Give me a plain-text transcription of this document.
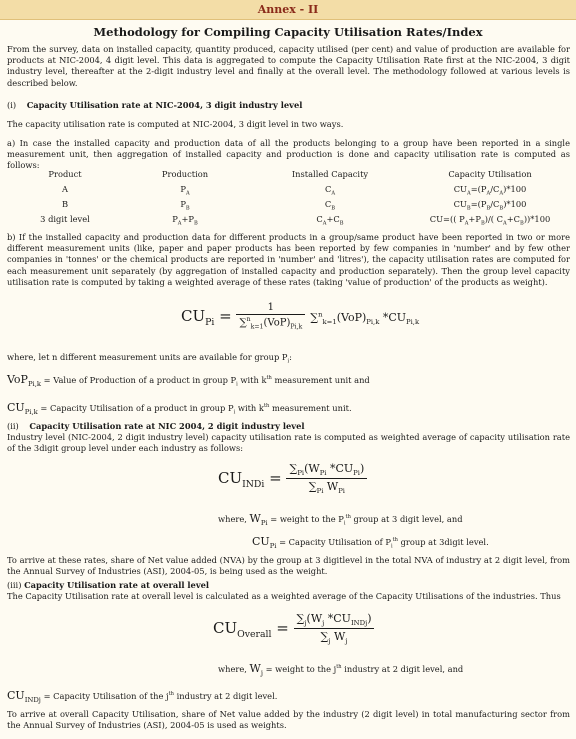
Annex - II
Methodology for Compiling Capacity Utilisation Rates/Index
From the survey, data on installed capacity, quantity produced, capacity utilised (per cent) and value of production are available for products at NIC-2004, 4 digit level. This data is aggregated to compute the Capacity Utilisation Rate first at the NIC-2004, 3 digit industry level, thereafter at the 2-digit industry level and finally at the overall level. The methodology followed at various levels is described below.
(i) Capacity Utilisation rate at NIC-2004, 3 digit industry level
The capacity utilisation rate is computed at NIC-2004, 3 digit level in two ways.
a) In case the installed capacity and production data of all the products belonging to a group have been reported in a single measurement unit, then aggregation of installed capacity and production is done and capacity utilisation rate is computed as follows:
Product	Production	Installed Capacity	Capacity Utilisation
A	$P_A$	$C_A$	$CU_A=(P_A/C_A)*100$
B	$P_B$	$C_B$	$CU_B=(P_B/C_B)*100$
3 digit level	$P_A+P_B$	$C_A+C_B$	CU=(( $P_A+P_B)/$( $C_A+C_B))*100$
b) If the installed capacity and production data for different products in a group/same product have been reported in two or more different measurement units (like, paper and paper products has been reported by few companies in 'number' and by few other companies in 'tonnes' or the chemical products are reported in 'number' and 'litres'), the capacity utilisation rates are computed for each measurement unit separately (by aggregation of installed capacity and production separately). Then the group level capacity utilisation rate is computed by taking a weighted average of these rates (taking 'value of production' of the products as weight).
$CU_{Pi} = \frac{1}{\sum^n_{k=1}(VoP)_{Pi,k}} \sum^n_{k=1}(VoP)_{Pi,k}$ $*CU_{Pi,k}$
where, let n different measurement units are available for group $P_i$:
VoP$_{Pi,k}$ = Value of Production of a product in group $P_i$ with $k^{th}$ measurement unit and
$CU_{Pi,k}$ = Capacity Utilisation of a product in group $P_i$ with $k^{th}$ measurement unit.
(ii) Capacity Utilisation rate at NIC 2004, 2 digit industry level
Industry level (NIC-2004, 2 digit industry level) capacity utilisation rate is computed as weighted average of capacity utilisation rate of the 3digit group level under each industry as follows:
$CU_{INDi} = \frac{\sum_{Pi}(W_{Pi} *CU_{Pi})}{\sum_{Pi} W_{Pi}}$
where, $W_{Pi}$ = weight to the $P_i^{th}$ group at 3 digit level, and
$CU_{Pi}$ = Capacity Utilisation of $P_i^{th}$ group at 3digit level.
To arrive at these rates, share of Net value added (NVA) by the group at 3 digitlevel in the total NVA of industry at 2 digit level, from the Annual Survey of Industries (ASI), 2004-05, is being used as the weight.
(iii) Capacity Utilisation rate at overall level
The Capacity Utilisation rate at overall level is calculated as a weighted average of the Capacity Utilisations of the industries. Thus
$CU_{Overall} = \frac{\sum_j(W_j *CU_{INDj})}{\sum_j W_j}$
where, $W_j$ = weight to the $j^{th}$ industry at 2 digit level, and
$CU_{INDj}$ = Capacity Utilisation of the $j^{th}$ industry at 2 digit level.
To arrive at overall Capacity Utilisation, share of Net value added by the industry (2 digit level) in total manufacturing sector from the Annual Survey of Industries (ASI), 2004-05 is used as weights.
